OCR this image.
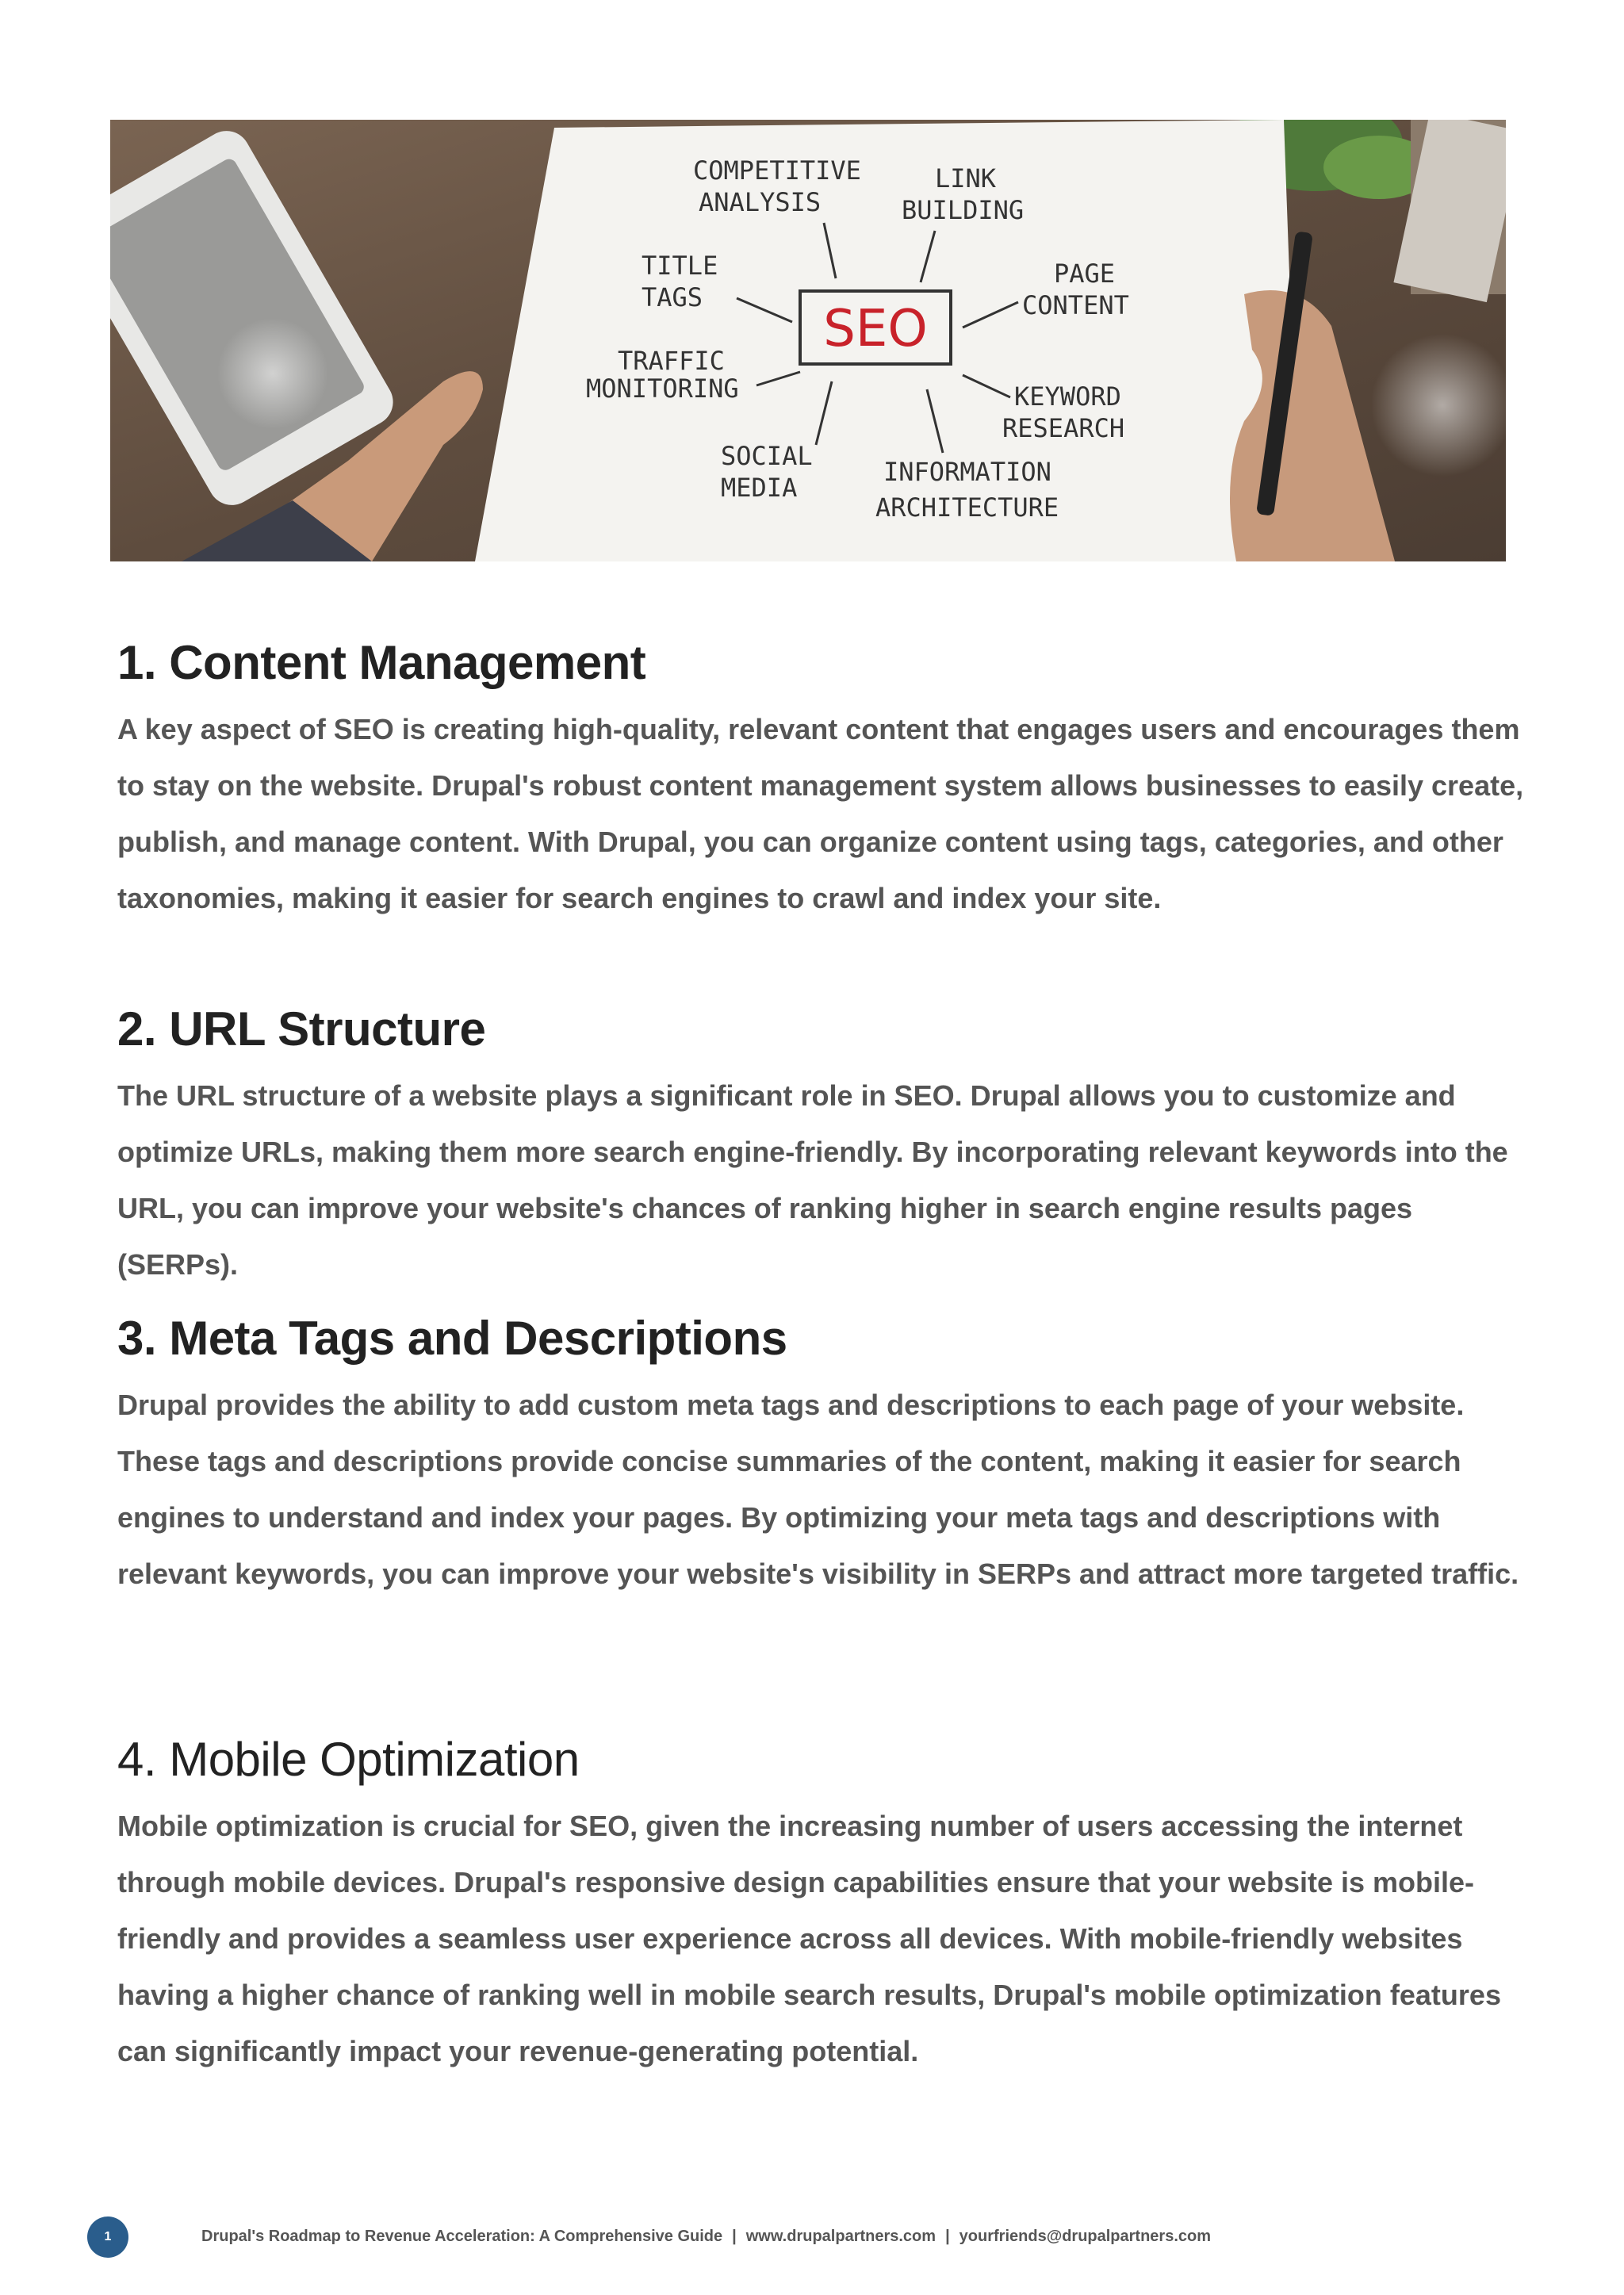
SEO
COMPETITIVE
ANALYSIS
LINK
BUILDING
TITLE
TAGS
PAGE
CONTENT
TRAFFIC
MONITORING	KEYWORD
RESEARCH
SOCIAL
MEDIA
INFORMATION
ARCHITECTURE
1. Content Management

A key aspect of SEO is creating high-quality, relevant content that engages users and encourages them to stay on the website. Drupal's robust content management system allows businesses to easily create, publish, and manage content. With Drupal, you can organize content using tags, categories, and other taxonomies, making it easier for search engines to crawl and index your site.

2. URL Structure

The URL structure of a website plays a significant role in SEO. Drupal allows you to customize and optimize URLs, making them more search engine-friendly. By incorporating relevant keywords into the URL, you can improve your website's chances of ranking higher in search engine results pages (SERPs).

3. Meta Tags and Descriptions

Drupal provides the ability to add custom meta tags and descriptions to each page of your website. These tags and descriptions provide concise summaries of the content, making it easier for search engines to understand and index your pages. By optimizing your meta tags and descriptions with relevant keywords, you can improve your website's visibility in SERPs and attract more targeted traffic.

4. Mobile Optimization

Mobile optimization is crucial for SEO, given the increasing number of users accessing the internet through mobile devices. Drupal's responsive design capabilities ensure that your website is mobile-friendly and provides a seamless user experience across all devices. With mobile-friendly websites having a higher chance of ranking well in mobile search results, Drupal's mobile optimization features can significantly impact your revenue-generating potential.

1	Drupal's Roadmap to Revenue Acceleration: A Comprehensive Guide | www.drupalpartners.com | yourfriends@drupalpartners.com
